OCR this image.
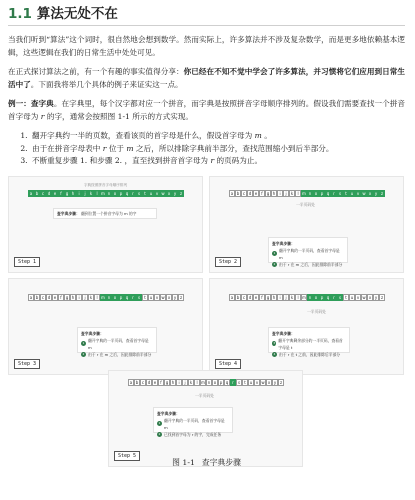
1.1 算法无处不在

当我们听到“算法”这个词时，很自然地会想到数学。然而实际上，许多算法并不涉及复杂数学，而是更多地依赖基本逻辑，这些逻辑在我们的日常生活中处处可见。

在正式探讨算法之前，有一个有趣的事实值得分享：你已经在不知不觉中学会了许多算法，并习惯将它们应用到日常生活中了。下面我将举几个具体的例子来证实这一点。

例一：查字典。在字典里，每个汉字都对应一个拼音，而字典是按照拼音字母顺序排列的。假设我们需要查找一个拼音首字母为 r 的字，通常会按照图 1-1 所示的方式实现。

1. 翻开字典约一半的页数，查看该页的首字母是什么，假设首字母为 m 。
2. 由于在拼音字母表中 r 位于 m 之后，所以排除字典前半部分，查找范围缩小到后半部分。
3. 不断重复步骤 1. 和步骤 2. ，直至找到拼音首字母为 r 的页码为止。
字典按照拼音字母顺序排列
a b c d e	f	g h	i	j	k	l m n o p q r	s	t u v w x y z
查字典步骤： 翻到位置一个拼音字母为 m 的字
Step 1
a b c d e	f	g h	i	j	k	l m n o p q r	s	t u v w x y z
一半页码处
查字典步骤：
1
翻开字典约一半页码，查看首字母是 m
2 由于 r 在 m 之后，因此排除前半部分
Step 2
a b c d e	f	g h	i	j	k	l m n o p q r	s	t u v w x y z
查字典步骤：
1
翻开字典约一半页码，查看首字母是 m
2 由于 r 在 m 之后，因此排除前半部分
Step 3
a b c d e	f	g h	i	j	k	l m n o p q r	s	t u v w x y z
一半页码处
查字典步骤：
3
翻开字典剩余部分约一半页码，查看首字母是 t
4 由于 r 在 t 之前，因此排除后半部分
Step 4
a b c d e	f	g h	i	j	k	l m n o p q r	s	t u v w x y z
一半页码处
查字典步骤：
1
翻开字典约一半页码，查看首字母是 m
2 已找到首字母为 r 的字，完成任务
Step 5
图 1-1 查字典步骤
